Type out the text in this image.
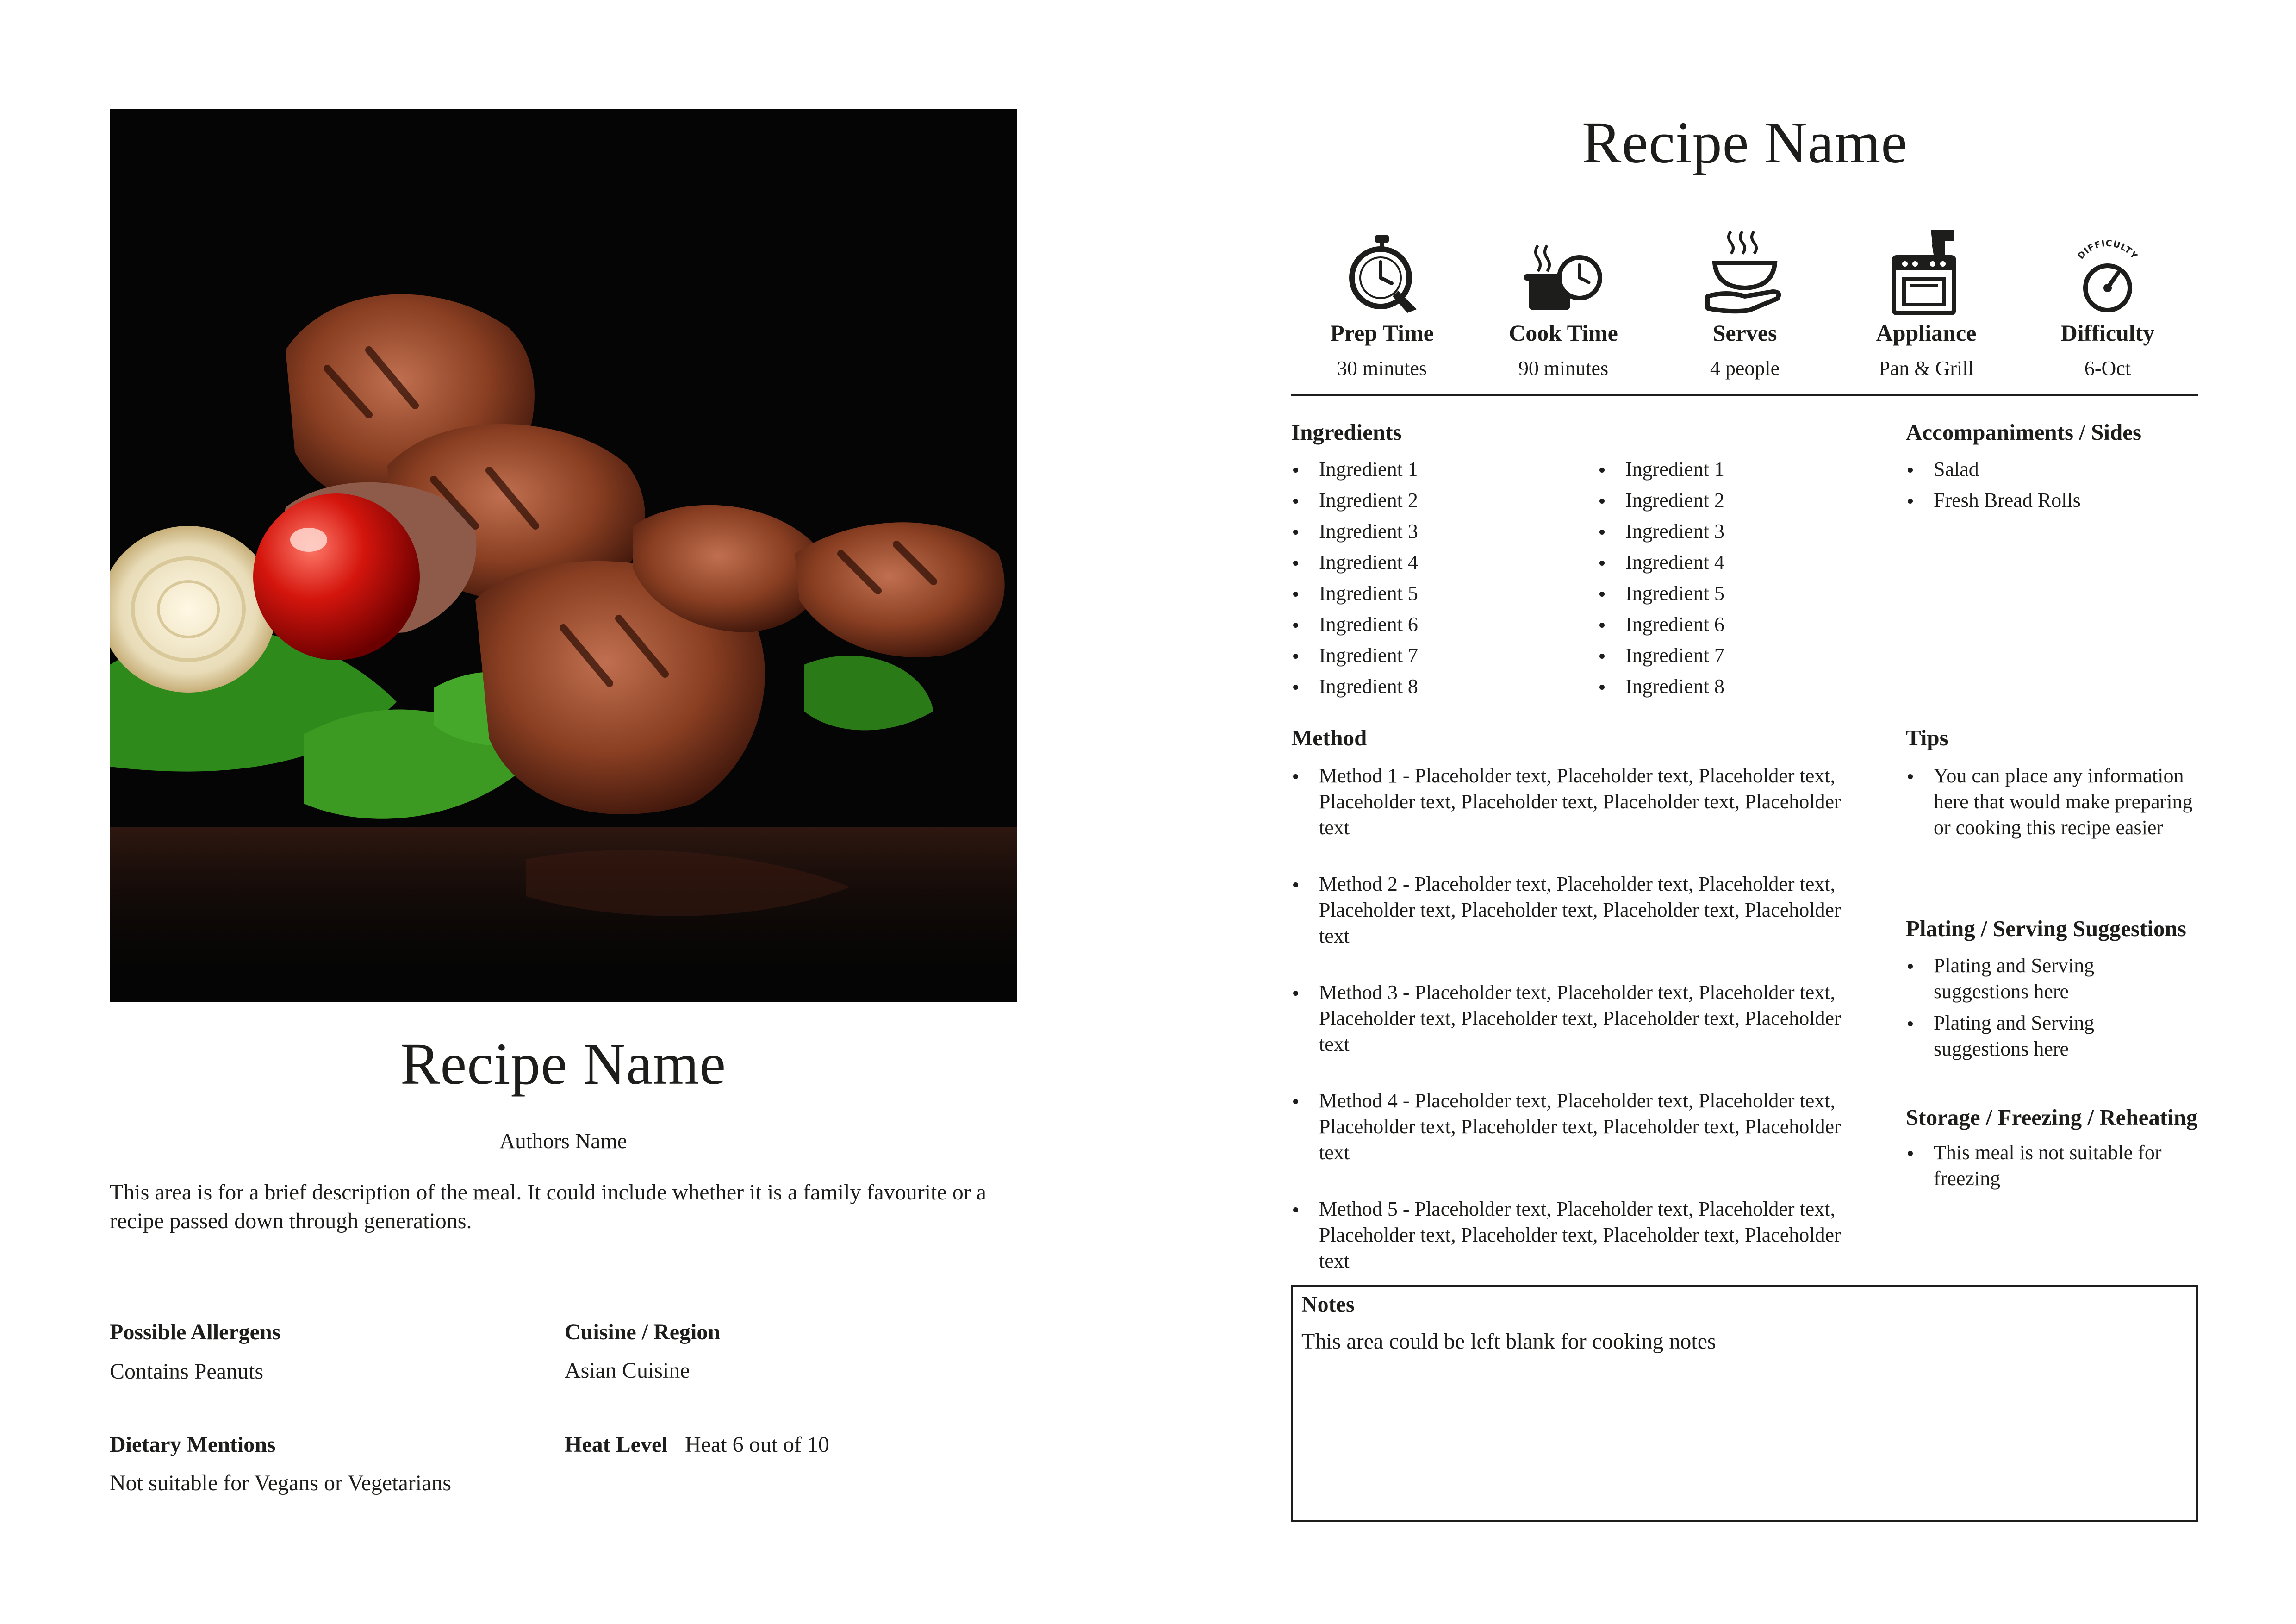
Recipe Name
Authors Name
This area is for a brief description of the meal. It could include whether it is a family favourite or a recipe passed down through generations.
Possible Allergens
Contains Peanuts
Cuisine / Region
Asian Cuisine
Dietary Mentions
Not suitable for Vegans or Vegetarians
Heat Level Heat 6 out of 10
Recipe Name
Prep Time
30 minutes
Cook Time
90 minutes
Serves
4 people
Appliance
Pan & Grill
DIFFICULTY
Difficulty
6-Oct
Ingredients
Ingredient 1
Ingredient 2
Ingredient 3
Ingredient 4
Ingredient 5
Ingredient 6
Ingredient 7
Ingredient 8
Ingredient 1
Ingredient 2
Ingredient 3
Ingredient 4
Ingredient 5
Ingredient 6
Ingredient 7
Ingredient 8
Accompaniments / Sides
Salad
Fresh Bread Rolls
Method
Method 1 - Placeholder text, Placeholder text, Placeholder text, Placeholder text, Placeholder text, Placeholder text, Placeholder text
Method 2 - Placeholder text, Placeholder text, Placeholder text, Placeholder text, Placeholder text, Placeholder text, Placeholder text
Method 3 - Placeholder text, Placeholder text, Placeholder text, Placeholder text, Placeholder text, Placeholder text, Placeholder text
Method 4 - Placeholder text, Placeholder text, Placeholder text, Placeholder text, Placeholder text, Placeholder text, Placeholder text
Method 5 - Placeholder text, Placeholder text, Placeholder text, Placeholder text, Placeholder text, Placeholder text, Placeholder text
Tips
You can place any information here that would make preparing or cooking this recipe easier
Plating / Serving Suggestions
Plating and Serving suggestions here
Plating and Serving suggestions here
Storage / Freezing / Reheating
This meal is not suitable for freezing
Notes
This area could be left blank for cooking notes
